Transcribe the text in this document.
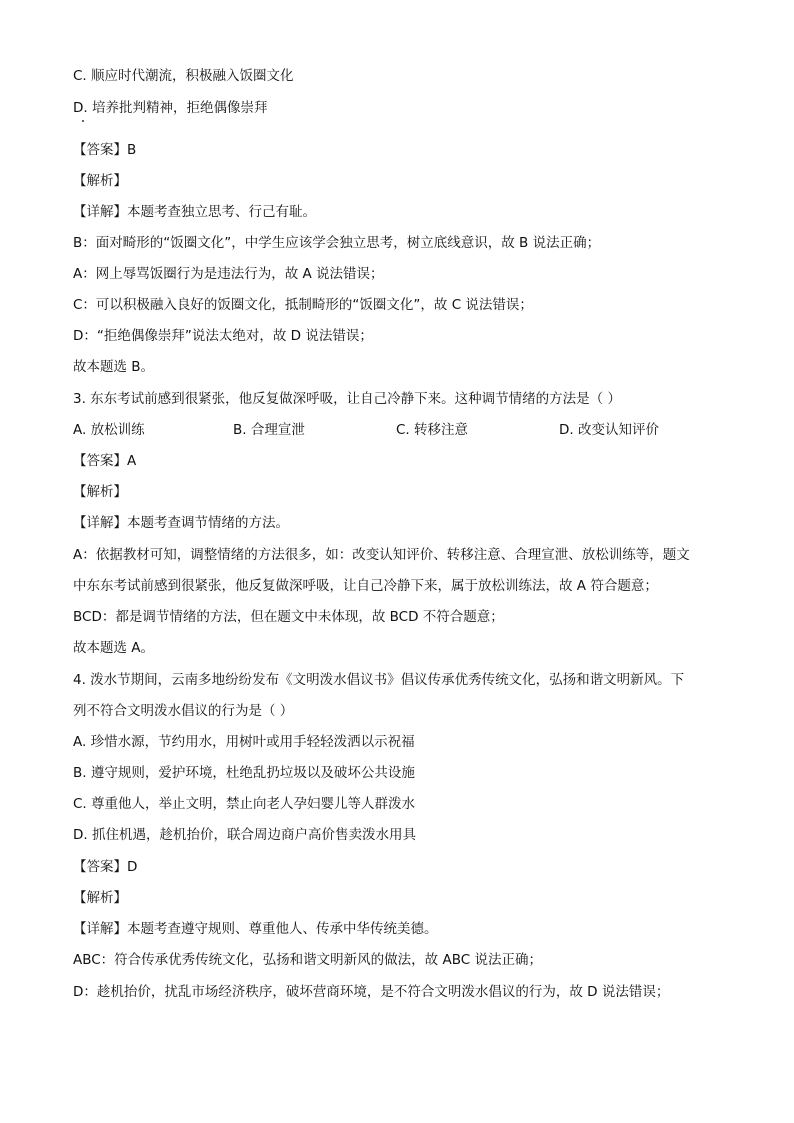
C. 顺应时代潮流，积极融入饭圈文化
D. 培养批判精神，拒绝偶像崇拜
【答案】B
【解析】
【详解】本题考查独立思考、行己有耻。
B：面对畸形的“饭圈文化”，中学生应该学会独立思考，树立底线意识，故 B 说法正确；
A：网上辱骂饭圈行为是违法行为，故 A 说法错误；
C：可以积极融入良好的饭圈文化，抵制畸形的“饭圈文化”，故 C 说法错误；
D：“拒绝偶像崇拜”说法太绝对，故 D 说法错误；
故本题选 B。
3. 东东考试前感到很紧张，他反复做深呼吸，让自己冷静下来。这种调节情绪的方法是（ ）
A. 放松训练	B. 合理宣泄	C. 转移注意	D. 改变认知评价
【答案】A
【解析】
【详解】本题考查调节情绪的方法。
A：依据教材可知，调整情绪的方法很多，如：改变认知评价、转移注意、合理宣泄、放松训练等，题文
中东东考试前感到很紧张，他反复做深呼吸，让自己冷静下来，属于放松训练法，故 A 符合题意；
BCD：都是调节情绪的方法，但在题文中未体现，故 BCD 不符合题意；
故本题选 A。
4. 泼水节期间，云南多地纷纷发布《文明泼水倡议书》倡议传承优秀传统文化，弘扬和谐文明新风。下
列不符合文明泼水倡议的行为是（ ）
A. 珍惜水源，节约用水，用树叶或用手轻轻泼洒以示祝福
B. 遵守规则，爱护环境，杜绝乱扔垃圾以及破坏公共设施
C. 尊重他人，举止文明，禁止向老人孕妇婴儿等人群泼水
D. 抓住机遇，趁机抬价，联合周边商户高价售卖泼水用具
【答案】D
【解析】
【详解】本题考查遵守规则、尊重他人、传承中华传统美德。
ABC：符合传承优秀传统文化，弘扬和谐文明新风的做法，故 ABC 说法正确；
D：趁机抬价，扰乱市场经济秩序，破坏营商环境，是不符合文明泼水倡议的行为，故 D 说法错误；
